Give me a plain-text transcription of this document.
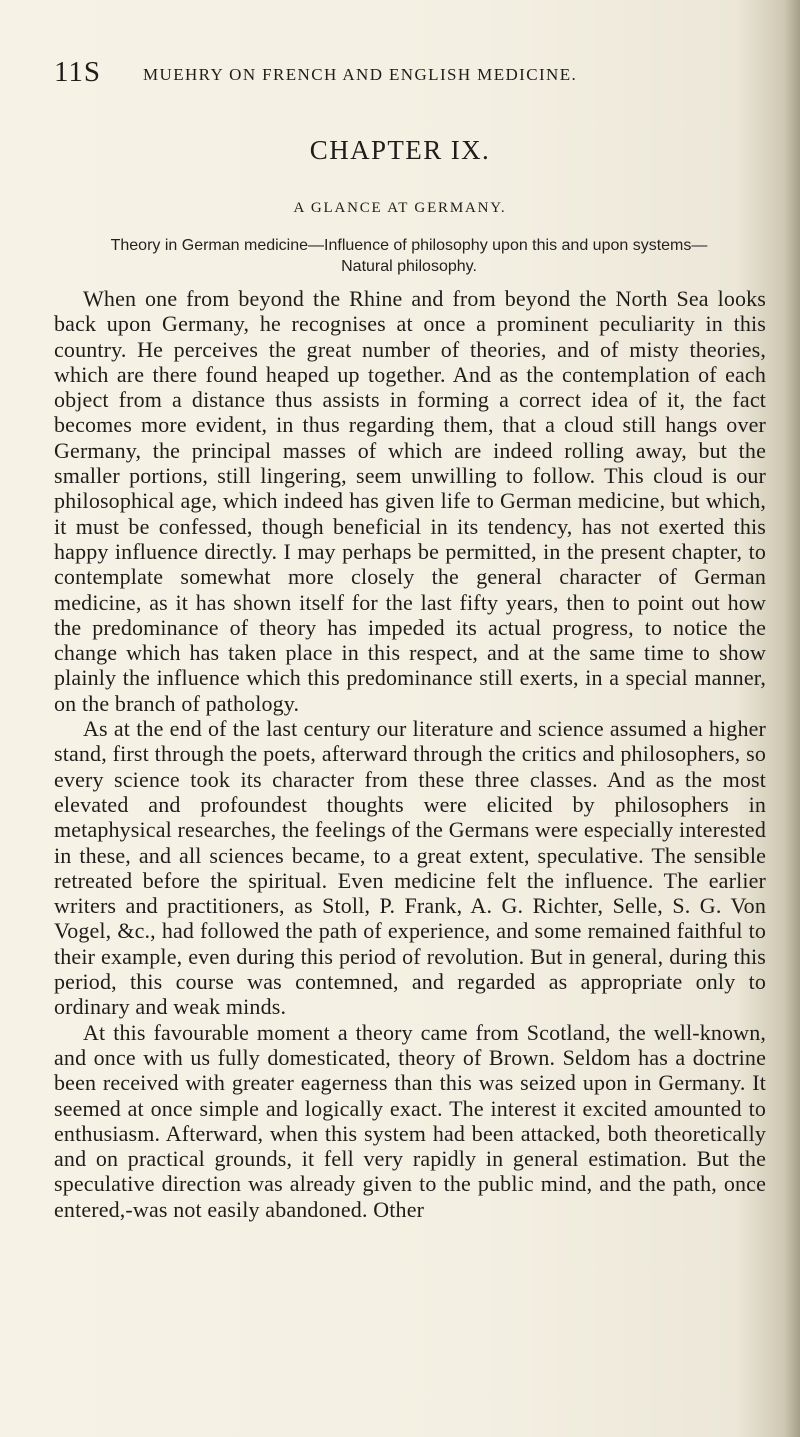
11S MUEHRY ON FRENCH AND ENGLISH MEDICINE.
CHAPTER IX.
A GLANCE AT GERMANY.
Theory in German medicine—Influence of philosophy upon this and upon systems—
Natural philosophy.

When one from beyond the Rhine and from beyond the North Sea looks back upon Germany, he recognises at once a prominent peculiarity in this country. He perceives the great number of theories, and of misty theories, which are there found heaped up together. And as the contemplation of each object from a distance thus assists in forming a correct idea of it, the fact becomes more evident, in thus regarding them, that a cloud still hangs over Germany, the principal masses of which are indeed rolling away, but the smaller portions, still lingering, seem unwilling to follow. This cloud is our philosophical age, which indeed has given life to German medicine, but which, it must be confessed, though beneficial in its tendency, has not exerted this happy influence directly. I may perhaps be permitted, in the present chapter, to contemplate somewhat more closely the general character of German medicine, as it has shown itself for the last fifty years, then to point out how the predominance of theory has impeded its actual progress, to notice the change which has taken place in this respect, and at the same time to show plainly the influence which this predominance still exerts, in a special manner, on the branch of pathology.

As at the end of the last century our literature and science assumed a higher stand, first through the poets, afterward through the critics and philosophers, so every science took its character from these three classes. And as the most elevated and profoundest thoughts were elicited by philosophers in metaphysical researches, the feelings of the Germans were especially interested in these, and all sciences became, to a great extent, speculative. The sensible retreated before the spiritual. Even medicine felt the influence. The earlier writers and practitioners, as Stoll, P. Frank, A. G. Richter, Selle, S. G. Von Vogel, &c., had followed the path of experience, and some remained faithful to their example, even during this period of revolution. But in general, during this period, this course was contemned, and regarded as appropriate only to ordinary and weak minds.

At this favourable moment a theory came from Scotland, the well-known, and once with us fully domesticated, theory of Brown. Seldom has a doctrine been received with greater eagerness than this was seized upon in Germany. It seemed at once simple and logically exact. The interest it excited amounted to enthusiasm. Afterward, when this system had been attacked, both theoretically and on practical grounds, it fell very rapidly in general estimation. But the speculative direction was already given to the public mind, and the path, once entered,-was not easily abandoned. Other
